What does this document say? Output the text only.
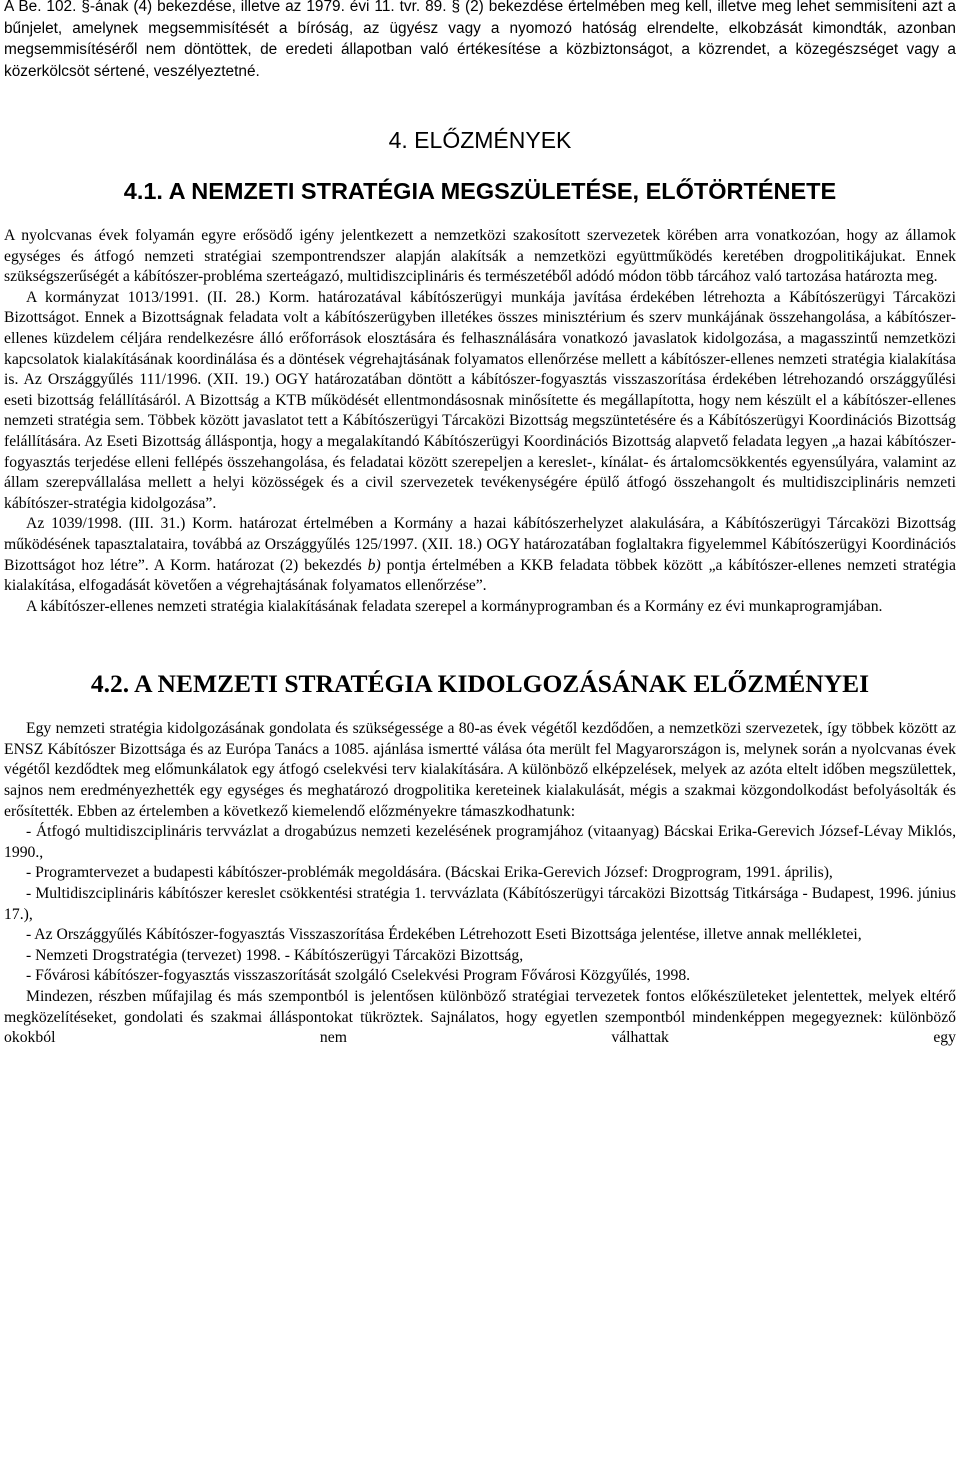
A Be. 102. §-ának (4) bekezdése, illetve az 1979. évi 11. tvr. 89. § (2) bekezdése értelmében meg kell, illetve meg lehet semmisíteni azt a bűnjelet, amelynek megsemmisítését a bíróság, az ügyész vagy a nyomozó hatóság elrendelte, elkobzását kimondták, azonban megsemmisítéséről nem döntöttek, de eredeti állapotban való értékesítése a közbiztonságot, a közrendet, a közegészséget vagy a közerkölcsöt sértené, veszélyeztetné.

4. ELŐZMÉNYEK

4.1. A NEMZETI STRATÉGIA MEGSZÜLETÉSE, ELŐTÖRTÉNETE

A nyolcvanas évek folyamán egyre erősödő igény jelentkezett a nemzetközi szakosított szervezetek körében arra vonatkozóan, hogy az államok egységes és átfogó nemzeti stratégiai szempontrendszer alapján alakítsák a nemzetközi együttműködés keretében drogpolitikájukat. Ennek szükségszerűségét a kábítószer-probléma szerteágazó, multidiszciplináris és természetéből adódó módon több tárcához való tartozása határozta meg.

A kormányzat 1013/1991. (II. 28.) Korm. határozatával kábítószerügyi munkája javítása érdekében létrehozta a Kábítószerügyi Tárcaközi Bizottságot. Ennek a Bizottságnak feladata volt a kábítószerügyben illetékes összes minisztérium és szerv munkájának összehangolása, a kábítószer-ellenes küzdelem céljára rendelkezésre álló erőforrások elosztására és felhasználására vonatkozó javaslatok kidolgozása, a magasszintű nemzetközi kapcsolatok kialakításának koordinálása és a döntések végrehajtásának folyamatos ellenőrzése mellett a kábítószer-ellenes nemzeti stratégia kialakítása is. Az Országgyűlés 111/1996. (XII. 19.) OGY határozatában döntött a kábítószer-fogyasztás visszaszorítása érdekében létrehozandó országgyűlési eseti bizottság felállításáról. A Bizottság a KTB működését ellentmondásosnak minősítette és megállapította, hogy nem készült el a kábítószer-ellenes nemzeti stratégia sem. Többek között javaslatot tett a Kábítószerügyi Tárcaközi Bizottság megszüntetésére és a Kábítószerügyi Koordinációs Bizottság felállítására. Az Eseti Bizottság álláspontja, hogy a megalakítandó Kábítószerügyi Koordinációs Bizottság alapvető feladata legyen „a hazai kábítószer-fogyasztás terjedése elleni fellépés összehangolása, és feladatai között szerepeljen a kereslet-, kínálat- és ártalomcsökkentés egyensúlyára, valamint az állam szerepvállalása mellett a helyi közösségek és a civil szervezetek tevékenységére épülő átfogó összehangolt és multidiszciplináris nemzeti kábítószer-stratégia kidolgozása”.

Az 1039/1998. (III. 31.) Korm. határozat értelmében a Kormány a hazai kábítószerhelyzet alakulására, a Kábítószerügyi Tárcaközi Bizottság működésének tapasztalataira, továbbá az Országgyűlés 125/1997. (XII. 18.) OGY határozatában foglaltakra figyelemmel Kábítószerügyi Koordinációs Bizottságot hoz létre”. A Korm. határozat (2) bekezdés b) pontja értelmében a KKB feladata többek között „a kábítószer-ellenes nemzeti stratégia kialakítása, elfogadását követően a végrehajtásának folyamatos ellenőrzése”.

A kábítószer-ellenes nemzeti stratégia kialakításának feladata szerepel a kormányprogramban és a Kormány ez évi munkaprogramjában.

4.2. A NEMZETI STRATÉGIA KIDOLGOZÁSÁNAK ELŐZMÉNYEI

Egy nemzeti stratégia kidolgozásának gondolata és szükségessége a 80-as évek végétől kezdődően, a nemzetközi szervezetek, így többek között az ENSZ Kábítószer Bizottsága és az Európa Tanács a 1085. ajánlása ismertté válása óta merült fel Magyarországon is, melynek során a nyolcvanas évek végétől kezdődtek meg előmunkálatok egy átfogó cselekvési terv kialakítására. A különböző elképzelések, melyek az azóta eltelt időben megszülettek, sajnos nem eredményezhették egy egységes és meghatározó drogpolitika kereteinek kialakulását, mégis a szakmai közgondolkodást befolyásolták és erősítették. Ebben az értelemben a következő kiemelendő előzményekre támaszkodhatunk:

- Átfogó multidiszciplináris tervvázlat a drogabúzus nemzeti kezelésének programjához (vitaanyag) Bácskai Erika-Gerevich József-Lévay Miklós, 1990.,

- Programtervezet a budapesti kábítószer-problémák megoldására. (Bácskai Erika-Gerevich József: Drogprogram, 1991. április),

- Multidiszciplináris kábítószer kereslet csökkentési stratégia 1. tervvázlata (Kábítószerügyi tárcaközi Bizottság Titkársága - Budapest, 1996. június 17.),

- Az Országgyűlés Kábítószer-fogyasztás Visszaszorítása Érdekében Létrehozott Eseti Bizottsága jelentése, illetve annak mellékletei,

- Nemzeti Drogstratégia (tervezet) 1998. - Kábítószerügyi Tárcaközi Bizottság,

- Fővárosi kábítószer-fogyasztás visszaszorítását szolgáló Cselekvési Program Fővárosi Közgyűlés, 1998.

Mindezen, részben műfajilag és más szempontból is jelentősen különböző stratégiai tervezetek fontos előkészületeket jelentettek, melyek eltérő megközelítéseket, gondolati és szakmai álláspontokat tükröztek. Sajnálatos, hogy egyetlen szempontból mindenképpen megegyeznek: különböző okokból nem válhattak egy
